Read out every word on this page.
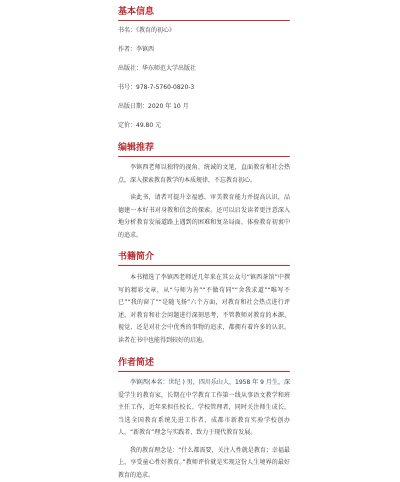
基本信息
书名：《教育的初心》
作者：李镇西
出版社：华东师范大学出版社
书号：978-7-5760-0820-3
出版日期：2020 年 10 月
定价：49.80 元
编辑推荐

李镇西老师以独特的视角、统诚的文笔，直面教育和社会热点，深入探索教育教学的本质规律，不忘教育初心。

读此书，请者可提升幸福感、审美教育能力并提高认识，品德建一本好书对身教和信念的探索。还可以启发读者更注意深入地分析教育发展道路上遇到的困难和复杂局面，体验教育初衷中的追求。

书籍简介

本书精选了李镇西老师近几年来在其公众号“镇西茶馆”中撰写的精彩文章，从“与师为善”“不做苟同”“舍我求道”“唯写不已”“我的窗了”“是随飞扬”六个方面，对教育和社会热点进行评述。对教育和社会问题进行深刻思考，不管教师对教育的本源、视觉、还是对社会中优秀的事物的追求，都拥有着许多的认识。读者在书中也能得到较好的启迪。

作者简述

李镇西(本名：世纪 ) 男，四川乐山人，1958 年 9 月生，深爱学生的教育家，长期在中学教育工作第一线从事语文教学和班主任工作，近年来担任校长、学校管理者，同时关注师生成长，当选全国教育系统先进工作者，成都市新教育实验学校创办人，“新教育”理念与实践者，致力于现代教育发展。

我的教育理念是：“什么都需要，关注人性就是教育；幸福最上，享受童心性好教育。”教师评价就是实现这份人生境界的最好教育的追求。
